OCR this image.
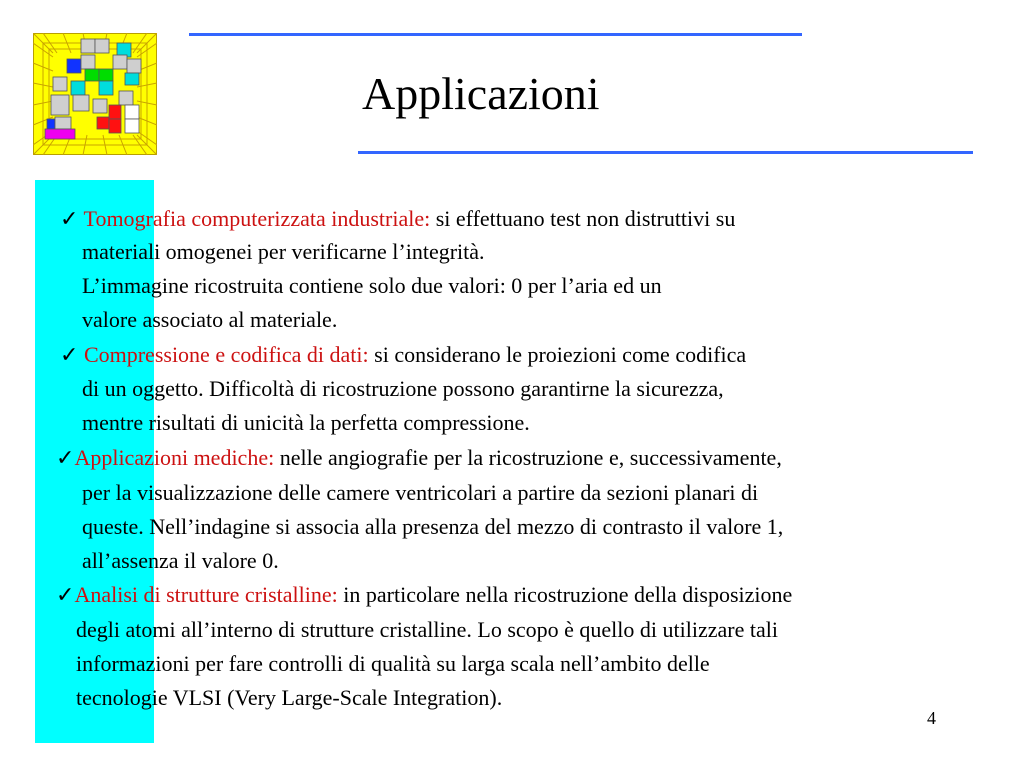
Applicazioni
✓ Tomografia computerizzata industriale: si effettuano test non distruttivi su
materiali omogenei per verificarne l’integrità.
L’immagine ricostruita contiene solo due valori: 0 per l’aria ed un
valore associato al materiale.
✓ Compressione e codifica di dati: si considerano le proiezioni come codifica
di un oggetto. Difficoltà di ricostruzione possono garantirne la sicurezza,
mentre risultati di unicità la perfetta compressione.
✓Applicazioni mediche: nelle angiografie per la ricostruzione e, successivamente,
per la visualizzazione delle camere ventricolari a partire da sezioni planari di
queste. Nell’indagine si associa alla presenza del mezzo di contrasto il valore 1,
all’assenza il valore 0.
✓Analisi di strutture cristalline: in particolare nella ricostruzione della disposizione
degli atomi all’interno di strutture cristalline. Lo scopo è quello di utilizzare tali
informazioni per fare controlli di qualità su larga scala nell’ambito delle
tecnologie VLSI (Very Large-Scale Integration).
4
